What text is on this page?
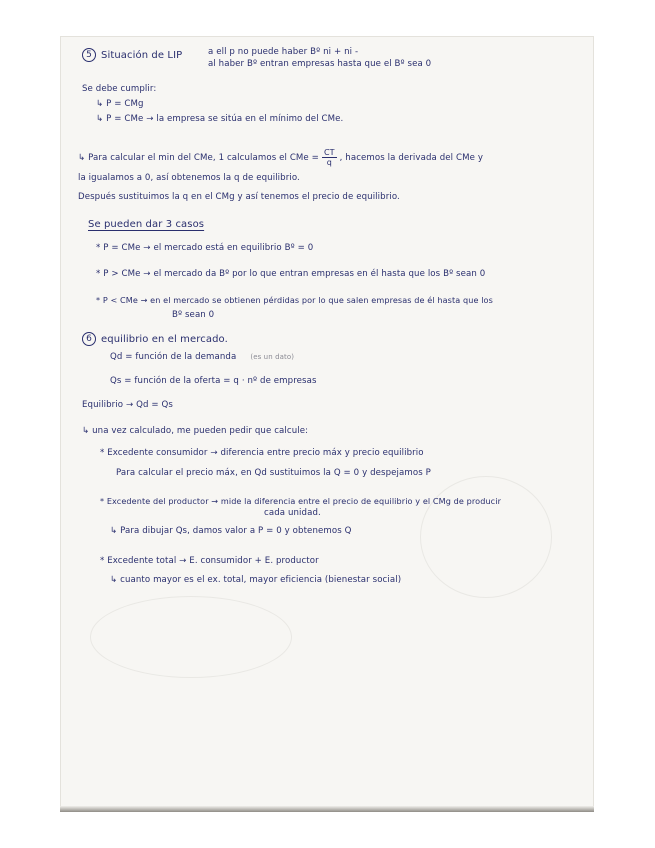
5 Situación de LIP	a ell p no puede haber Bº ni + ni -
al haber Bº entran empresas hasta que el Bº sea 0
Se debe cumplir:
↳ P = CMg
↳ P = CMe → la empresa se sitúa en el mínimo del CMe.
↳ Para calcular el min del CMe, 1 calculamos el CMe = $\frac{CT}{q}$ , hacemos la derivada del CMe y
la igualamos a 0, así obtenemos la q de equilibrio.
Después sustituimos la q en el CMg y así tenemos el precio de equilibrio.
Se pueden dar 3 casos
* P = CMe → el mercado está en equilibrio Bº = 0
* P > CMe → el mercado da Bº por lo que entran empresas en él hasta que los Bº sean 0
* P < CMe → en el mercado se obtienen pérdidas por lo que salen empresas de él hasta que los
Bº sean 0
6 equilibrio en el mercado.
Qd = función de la demanda (es un dato)
Qs = función de la oferta = q · nº de empresas
Equilibrio → Qd = Qs
↳ una vez calculado, me pueden pedir que calcule:
* Excedente consumidor → diferencia entre precio máx y precio equilibrio
Para calcular el precio máx, en Qd sustituimos la Q = 0 y despejamos P
* Excedente del productor → mide la diferencia entre el precio de equilibrio y el CMg de producir
cada unidad.
↳ Para dibujar Qs, damos valor a P = 0 y obtenemos Q
* Excedente total → E. consumidor + E. productor
↳ cuanto mayor es el ex. total, mayor eficiencia (bienestar social)
